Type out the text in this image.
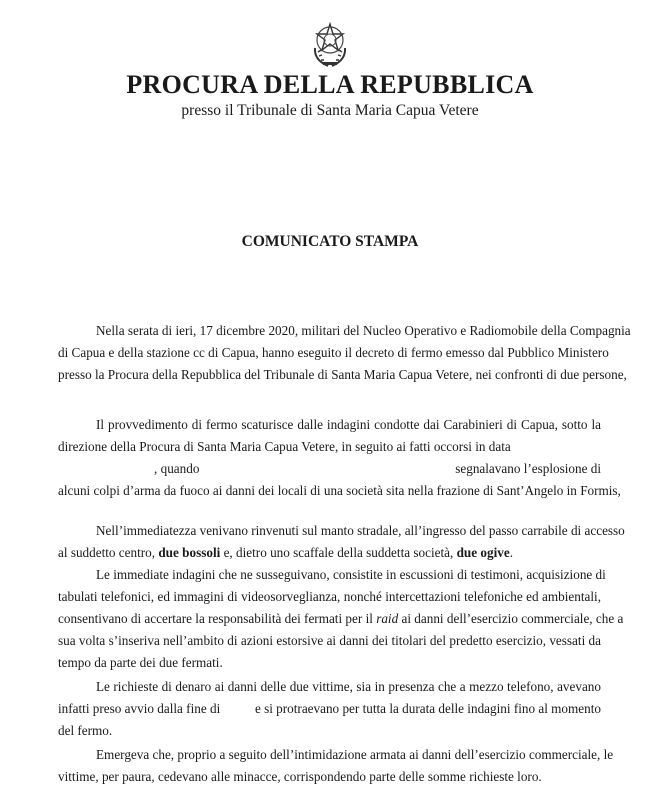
PROCURA DELLA REPUBBLICA
presso il Tribunale di Santa Maria Capua Vetere
COMUNICATO STAMPA
Nella serata di ieri, 17 dicembre 2020, militari del Nucleo Operativo e Radiomobile della Compagnia
di Capua e della stazione cc di Capua, hanno eseguito il decreto di fermo emesso dal Pubblico Ministero
presso la Procura della Repubblica del Tribunale di Santa Maria Capua Vetere, nei confronti di due persone,
Il provvedimento di fermo scaturisce dalle indagini condotte dai Carabinieri di Capua, sotto la
direzione della Procura di Santa Maria Capua Vetere, in seguito ai fatti occorsi in data
, quando	segnalavano l’esplosione di
alcuni colpi d’arma da fuoco ai danni dei locali di una società sita nella frazione di Sant’Angelo in Formis,
Nell’immediatezza venivano rinvenuti sul manto stradale, all’ingresso del passo carrabile di accesso
al suddetto centro, due bossoli e, dietro uno scaffale della suddetta società, due ogive.
Le immediate indagini che ne susseguivano, consistite in escussioni di testimoni, acquisizione di
tabulati telefonici, ed immagini di videosorveglianza, nonché intercettazioni telefoniche ed ambientali,
consentivano di accertare la responsabilità dei fermati per il raid ai danni dell’esercizio commerciale, che a
sua volta s’inseriva nell’ambito di azioni estorsive ai danni dei titolari del predetto esercizio, vessati da
tempo da parte dei due fermati.
Le richieste di denaro ai danni delle due vittime, sia in presenza che a mezzo telefono, avevano
infatti preso avvio dalla fine di	e si protraevano per tutta la durata delle indagini fino al momento
del fermo.
Emergeva che, proprio a seguito dell’intimidazione armata ai danni dell’esercizio commerciale, le
vittime, per paura, cedevano alle minacce, corrispondendo parte delle somme richieste loro.
